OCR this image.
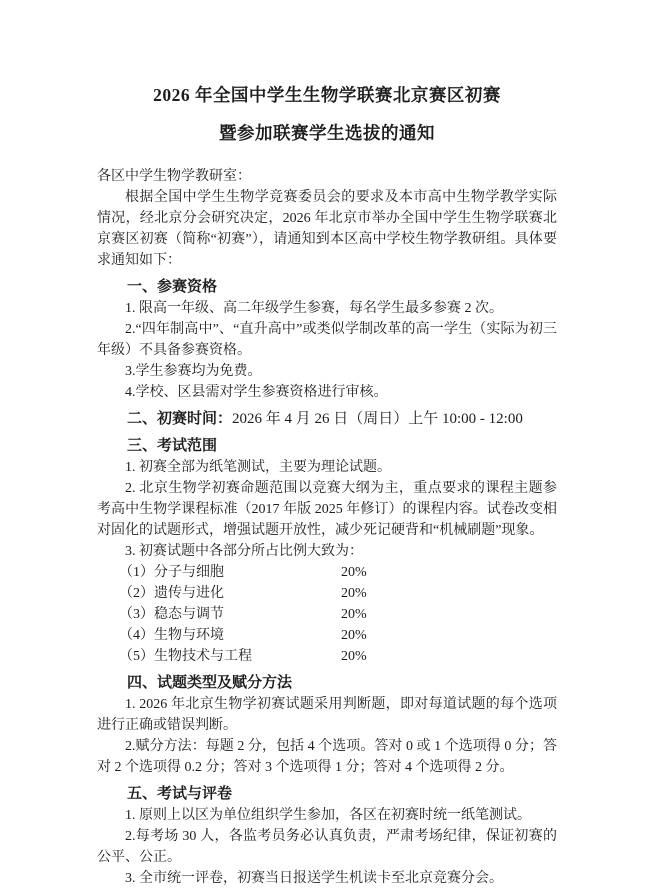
2026 年全国中学生生物学联赛北京赛区初赛

暨参加联赛学生选拔的通知

各区中学生物学教研室：

根据全国中学生生物学竞赛委员会的要求及本市高中生物学教学实际情况，经北京分会研究决定，2026 年北京市举办全国中学生生物学联赛北京赛区初赛（简称“初赛”），请通知到本区高中学校生物学教研组。具体要求通知如下：

一、参赛资格

1. 限高一年级、高二年级学生参赛，每名学生最多参赛 2 次。

2.“四年制高中”、“直升高中”或类似学制改革的高一学生（实际为初三年级）不具备参赛资格。

3.学生参赛均为免费。

4.学校、区县需对学生参赛资格进行审核。

二、初赛时间：2026 年 4 月 26 日（周日）上午 10:00 - 12:00

三、考试范围

1. 初赛全部为纸笔测试，主要为理论试题。

2. 北京生物学初赛命题范围以竞赛大纲为主，重点要求的课程主题参考高中生物学课程标准（2017 年版 2025 年修订）的课程内容。试卷改变相对固化的试题形式，增强试题开放性，减少死记硬背和“机械刷题”现象。

3. 初赛试题中各部分所占比例大致为：

（1）分子与细胞	20%
（2）遗传与进化	20%
（3）稳态与调节	20%
（4）生物与环境	20%
（5）生物技术与工程	20%

四、试题类型及赋分方法

1. 2026 年北京生物学初赛试题采用判断题，即对每道试题的每个选项进行正确或错误判断。

2.赋分方法：每题 2 分，包括 4 个选项。答对 0 或 1 个选项得 0 分；答对 2 个选项得 0.2 分；答对 3 个选项得 1 分；答对 4 个选项得 2 分。

五、考试与评卷

1. 原则上以区为单位组织学生参加，各区在初赛时统一纸笔测试。

2.每考场 30 人，各监考员务必认真负责，严肃考场纪律，保证初赛的公平、公正。

3. 全市统一评卷，初赛当日报送学生机读卡至北京竞赛分会。
